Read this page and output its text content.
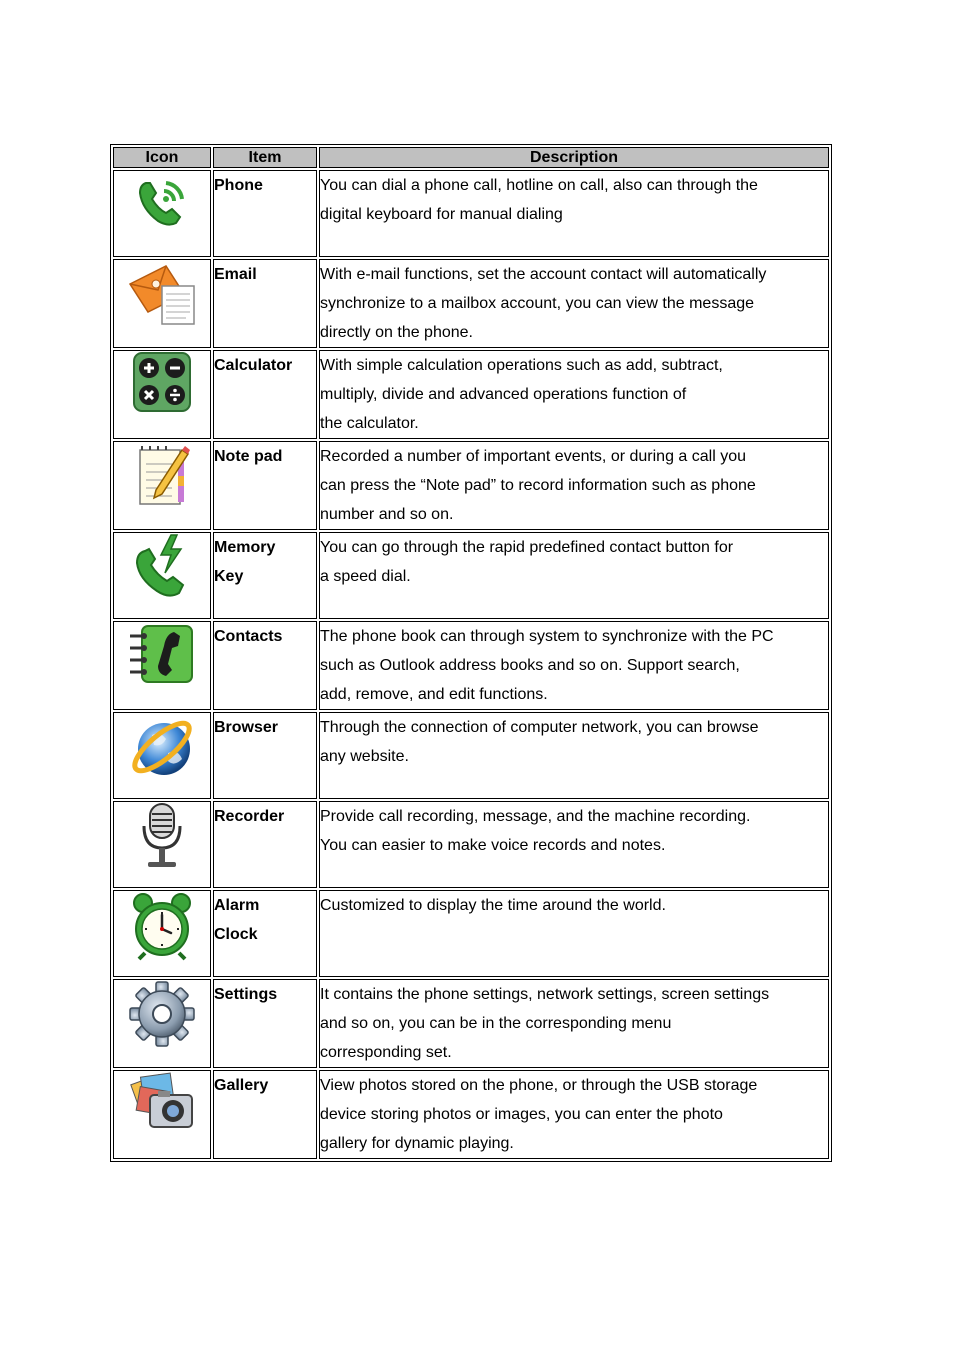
Icon	Item	Description

	Phone	You can dial a phone call, hotline on call, also can through the
digital keyboard for manual dialing

	Email	With e-mail functions, set the account contact will automatically
synchronize to a mailbox account, you can view the message
directly on the phone.

	Calculator	With simple calculation operations such as add, subtract,
multiply, divide and advanced operations function of
the calculator.

	Note pad	Recorded a number of important events, or during a call you
can press the “Note pad” to record information such as phone
number and so on.

	Memory
Key	You can go through the rapid predefined contact button for
a speed dial.

	Contacts	The phone book can through system to synchronize with the PC
such as Outlook address books and so on. Support search,
add, remove, and edit functions.

	Browser	Through the connection of computer network, you can browse
any website.

	Recorder	Provide call recording, message, and the machine recording.
You can easier to make voice records and notes.

	Alarm
Clock	Customized to display the time around the world.

	Settings	It contains the phone settings, network settings, screen settings
and so on, you can be in the corresponding menu
corresponding set.

	Gallery	View photos stored on the phone, or through the USB storage
device storing photos or images, you can enter the photo
gallery for dynamic playing.
